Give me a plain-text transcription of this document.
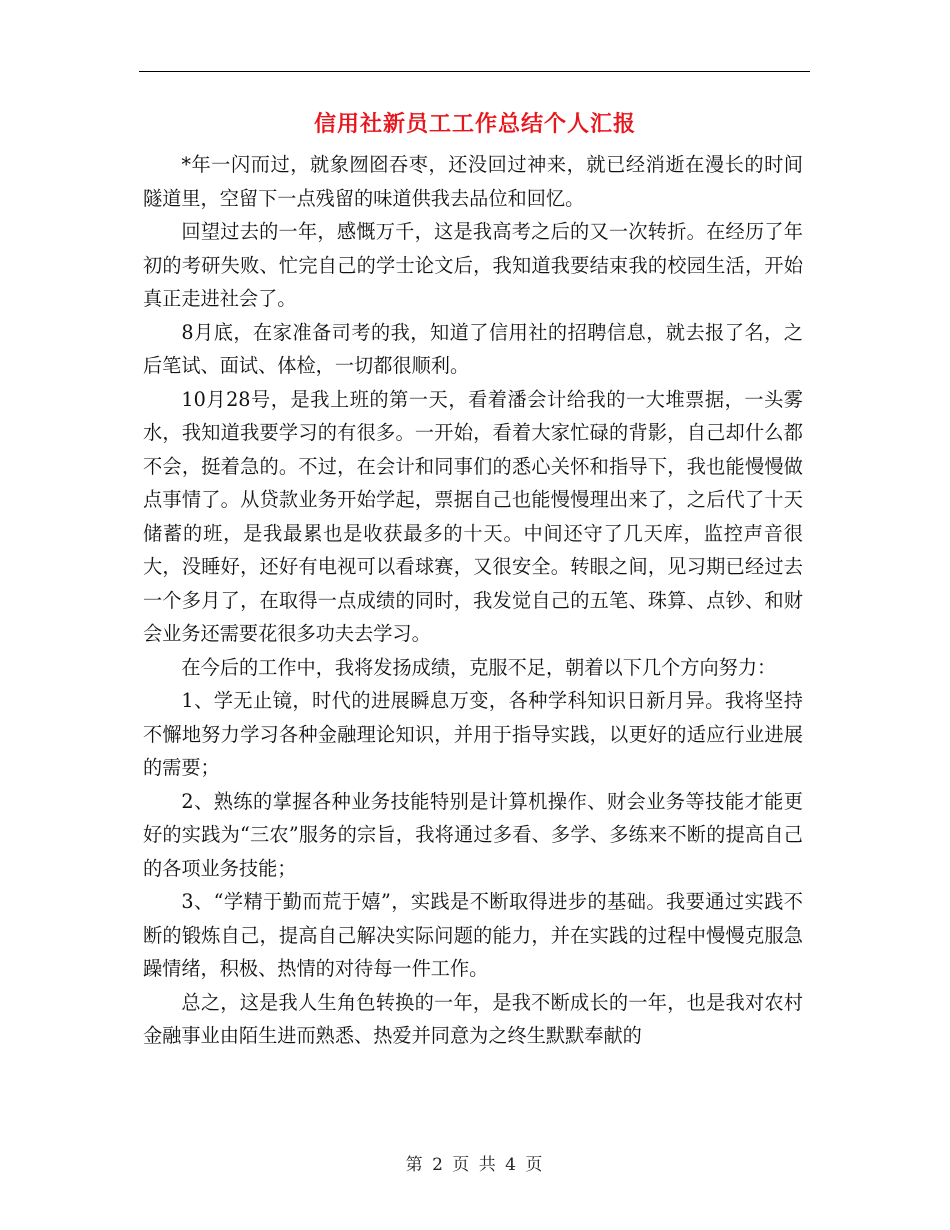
信用社新员工工作总结个人汇报

*年一闪而过，就象囫囵吞枣，还没回过神来，就已经消逝在漫长的时间隧道里，空留下一点残留的味道供我去品位和回忆。

回望过去的一年，感慨万千，这是我高考之后的又一次转折。在经历了年初的考研失败、忙完自己的学士论文后，我知道我要结束我的校园生活，开始真正走进社会了。

8月底，在家准备司考的我，知道了信用社的招聘信息，就去报了名，之后笔试、面试、体检，一切都很顺利。

10月28号，是我上班的第一天，看着潘会计给我的一大堆票据，一头雾水，我知道我要学习的有很多。一开始，看着大家忙碌的背影，自己却什么都不会，挺着急的。不过，在会计和同事们的悉心关怀和指导下，我也能慢慢做点事情了。从贷款业务开始学起，票据自己也能慢慢理出来了，之后代了十天储蓄的班，是我最累也是收获最多的十天。中间还守了几天库，监控声音很大，没睡好，还好有电视可以看球赛，又很安全。转眼之间，见习期已经过去一个多月了，在取得一点成绩的同时，我发觉自己的五笔、珠算、点钞、和财会业务还需要花很多功夫去学习。

在今后的工作中，我将发扬成绩，克服不足，朝着以下几个方向努力：

1、学无止镜，时代的进展瞬息万变，各种学科知识日新月异。我将坚持不懈地努力学习各种金融理论知识，并用于指导实践，以更好的适应行业进展的需要；

2、熟练的掌握各种业务技能特别是计算机操作、财会业务等技能才能更好的实践为“三农”服务的宗旨，我将通过多看、多学、多练来不断的提高自己的各项业务技能；

3、“学精于勤而荒于嬉”，实践是不断取得进步的基础。我要通过实践不断的锻炼自己，提高自己解决实际问题的能力，并在实践的过程中慢慢克服急躁情绪，积极、热情的对待每一件工作。

总之，这是我人生角色转换的一年，是我不断成长的一年，也是我对农村金融事业由陌生进而熟悉、热爱并同意为之终生默默奉献的

第 2 页 共 4 页
